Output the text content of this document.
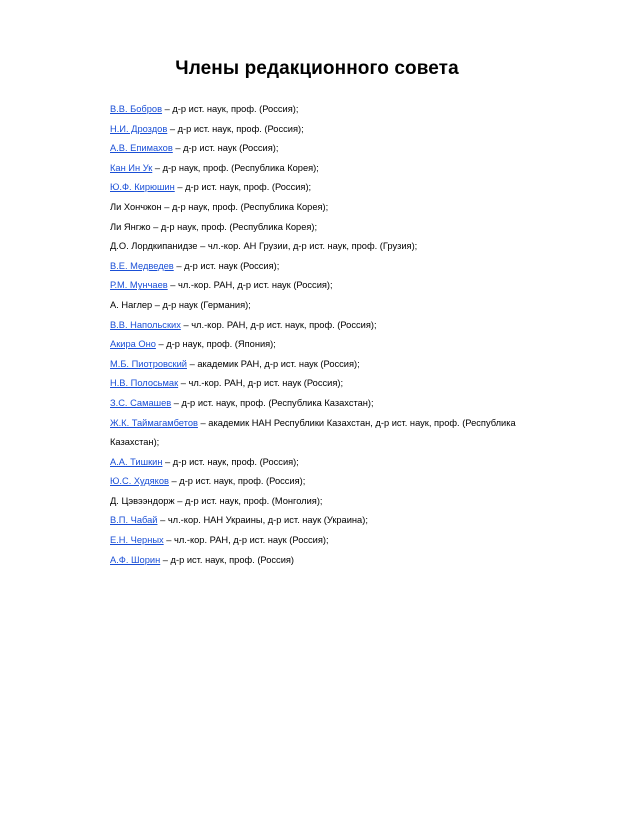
Члены редакционного совета
В.В. Бобров – д-р ист. наук, проф. (Россия);
Н.И. Дроздов – д-р ист. наук, проф. (Россия);
А.В. Епимахов – д-р ист. наук (Россия);
Кан Ин Ук – д-р наук, проф. (Республика Корея);
Ю.Ф. Кирюшин – д-р ист. наук, проф. (Россия);
Ли Хончжон – д-р наук, проф. (Республика Корея);
Ли Янгжо – д-р наук, проф. (Республика Корея);
Д.О. Лордкипанидзе – чл.-кор. АН Грузии, д-р ист. наук, проф. (Грузия);
В.Е. Медведев – д-р ист. наук (Россия);
Р.М. Мунчаев – чл.-кор. РАН, д-р ист. наук (Россия);
А. Наглер – д-р наук (Германия);
В.В. Напольских – чл.-кор. РАН, д-р ист. наук, проф. (Россия);
Акира Оно – д-р наук, проф. (Япония);
М.Б. Пиотровский – академик РАН, д-р ист. наук (Россия);
Н.В. Полосьмак – чл.-кор. РАН, д-р ист. наук (Россия);
З.С. Самашев – д-р ист. наук, проф. (Республика Казахстан);
Ж.К. Таймагамбетов – академик НАН Республики Казахстан, д-р ист. наук, проф. (Республика Казахстан);
А.А. Тишкин – д-р ист. наук, проф. (Россия);
Ю.С. Худяков – д-р ист. наук, проф. (Россия);
Д. Цэвээндорж – д-р ист. наук, проф. (Монголия);
В.П. Чабай – чл.-кор. НАН Украины, д-р ист. наук (Украина);
Е.Н. Черных – чл.-кор. РАН, д-р ист. наук (Россия);
А.Ф. Шорин – д-р ист. наук, проф. (Россия)
